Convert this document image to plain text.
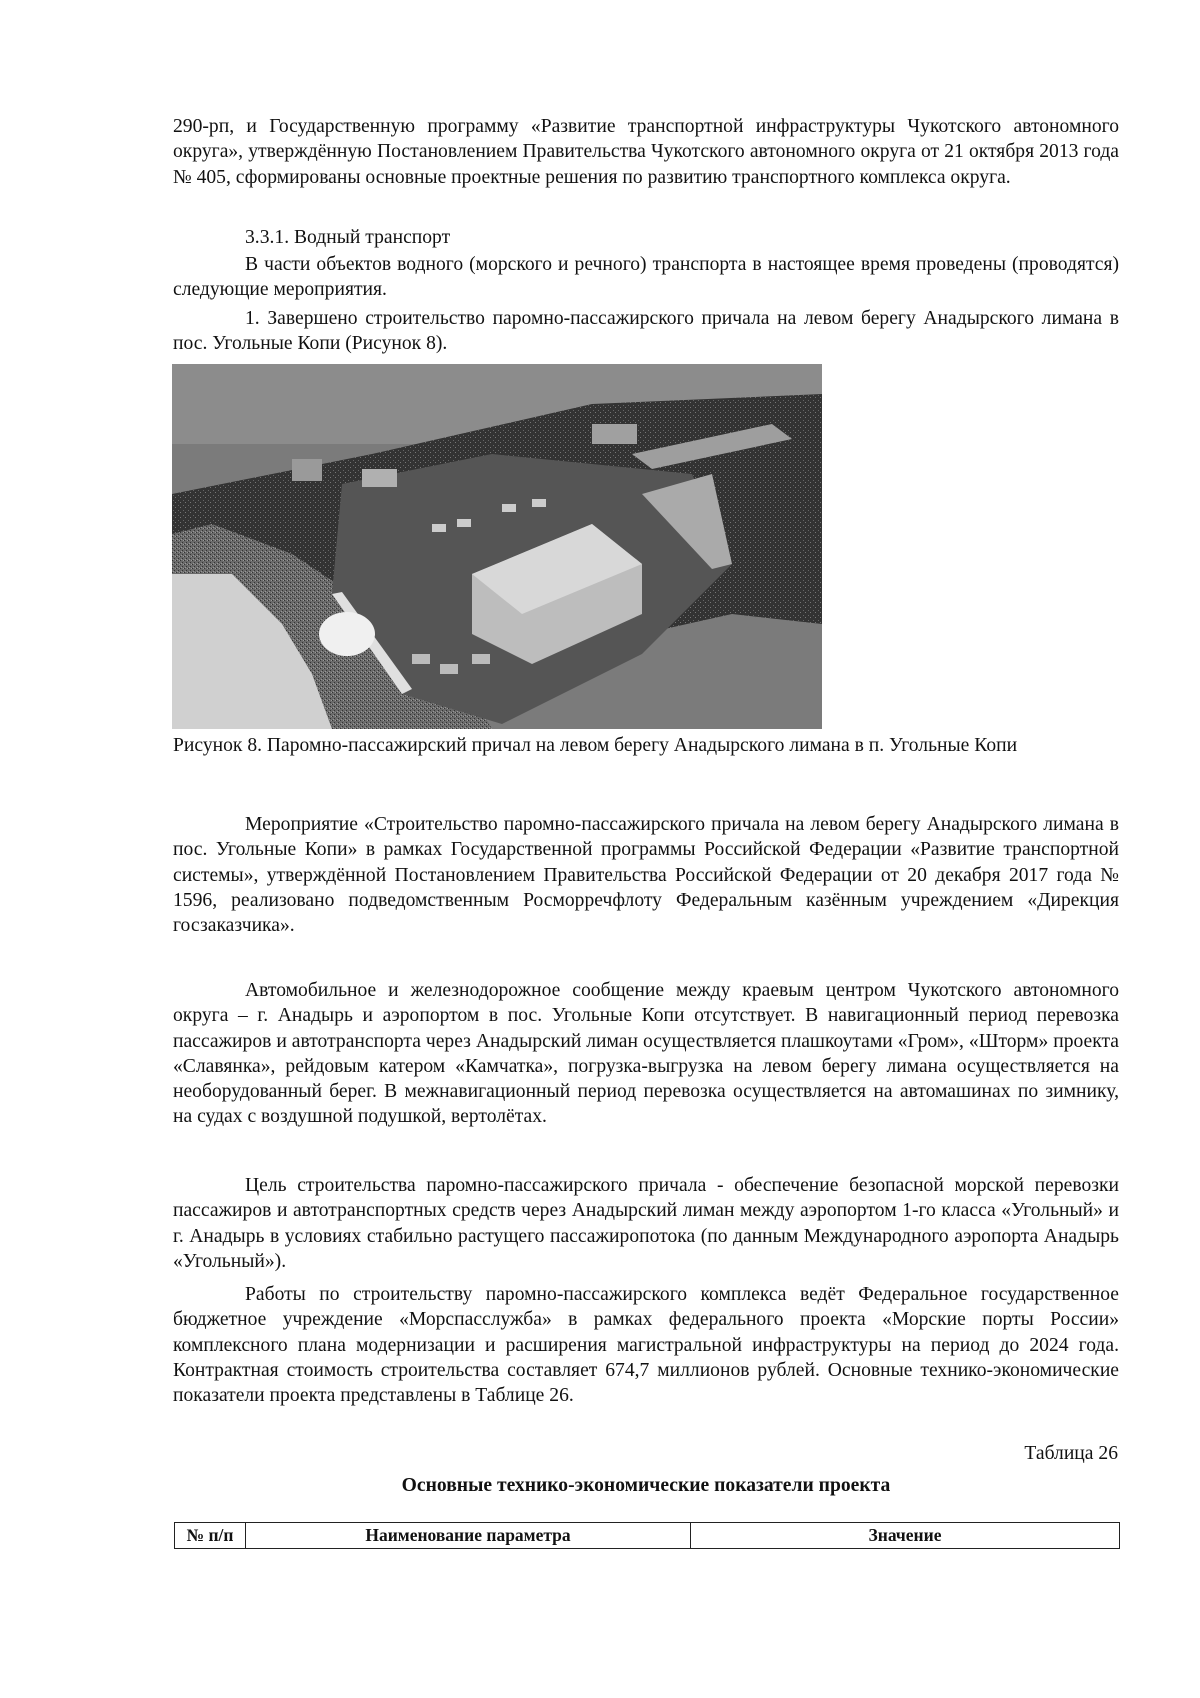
290-рп, и Государственную программу «Развитие транспортной инфраструктуры Чукотского автономного округа», утверждённую Постановлением Правительства Чукотского автономного округа от 21 октября 2013 года № 405, сформированы основные проектные решения по развитию транспортного комплекса округа.

3.3.1. Водный транспорт

В части объектов водного (морского и речного) транспорта в настоящее время проведены (проводятся) следующие мероприятия.

1. Завершено строительство паромно-пассажирского причала на левом берегу Анадырского лимана в пос. Угольные Копи (Рисунок 8).

Рисунок 8. Паромно-пассажирский причал на левом берегу Анадырского лимана в п. Угольные Копи

Мероприятие «Строительство паромно-пассажирского причала на левом берегу Анадырского лимана в пос. Угольные Копи» в рамках Государственной программы Российской Федерации «Развитие транспортной системы», утверждённой Постановлением Правительства Российской Федерации от 20 декабря 2017 года № 1596, реализовано подведомственным Росморречфлоту Федеральным казённым учреждением «Дирекция госзаказчика».

Автомобильное и железнодорожное сообщение между краевым центром Чукотского автономного округа – г. Анадырь и аэропортом в пос. Угольные Копи отсутствует. В навигационный период перевозка пассажиров и автотранспорта через Анадырский лиман осуществляется плашкоутами «Гром», «Шторм» проекта «Славянка», рейдовым катером «Камчатка», погрузка-выгрузка на левом берегу лимана осуществляется на необорудованный берег. В межнавигационный период перевозка осуществляется на автомашинах по зимнику, на судах с воздушной подушкой, вертолётах.

Цель строительства паромно-пассажирского причала - обеспечение безопасной морской перевозки пассажиров и автотранспортных средств через Анадырский лиман между аэропортом 1-го класса «Угольный» и г. Анадырь в условиях стабильно растущего пассажиропотока (по данным Международного аэропорта Анадырь «Угольный»).

Работы по строительству паромно-пассажирского комплекса ведёт Федеральное государственное бюджетное учреждение «Морспасслужба» в рамках федерального проекта «Морские порты России» комплексного плана модернизации и расширения магистральной инфраструктуры на период до 2024 года. Контрактная стоимость строительства составляет 674,7 миллионов рублей. Основные технико-экономические показатели проекта представлены в Таблице 26.

Таблица 26
Основные технико-экономические показатели проекта
№ п/п	Наименование параметра	Значение
